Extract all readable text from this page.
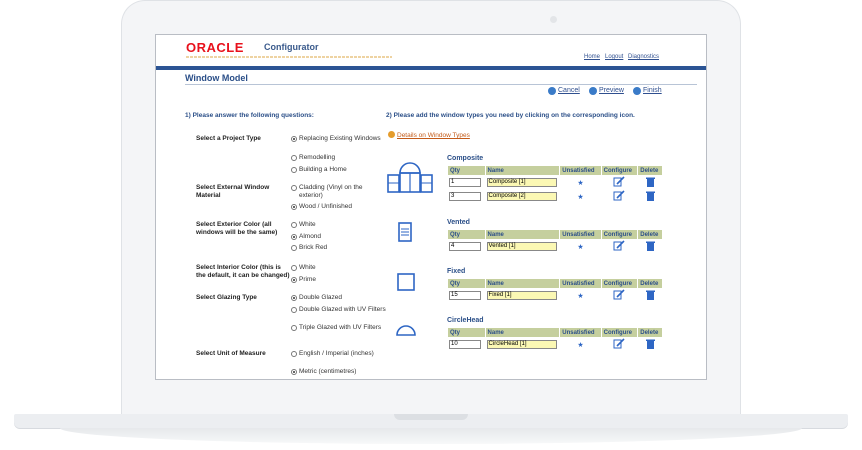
ORACLE Configurator
Home Logout Diagnostics
Window Model
Cancel	Preview	Finish
1) Please answer the following questions:
Select a Project Type	Replacing Existing Windows
Remodelling
Building a Home
Select External Window Material
Cladding (Vinyl on the exterior)
Wood / Unfinished
Select Exterior Color (all windows will be the same)
White
Almond
Brick Red
Select Interior Color (this is the default, it can be changed)
White
Prime
Select Glazing Type	Double Glazed
Double Glazed with UV Filters
Triple Glazed with UV Filters
Select Unit of Measure	English / Imperial (inches)
Metric (centimetres)
2) Please add the window types you need by clicking on the corresponding icon.
Details on Window Types
Composite
Qty	Name	Unsatisfied	Configure	Delete

1	Composite [1]	★		

3	Composite [2]	★		
Vented
Qty	Name	Unsatisfied	Configure	Delete

4	Vented [1]	★		
Fixed
Qty	Name	Unsatisfied	Configure	Delete

15	Fixed [1]	★		
CircleHead
Qty	Name	Unsatisfied	Configure	Delete

10	CircleHead [1]	★		
